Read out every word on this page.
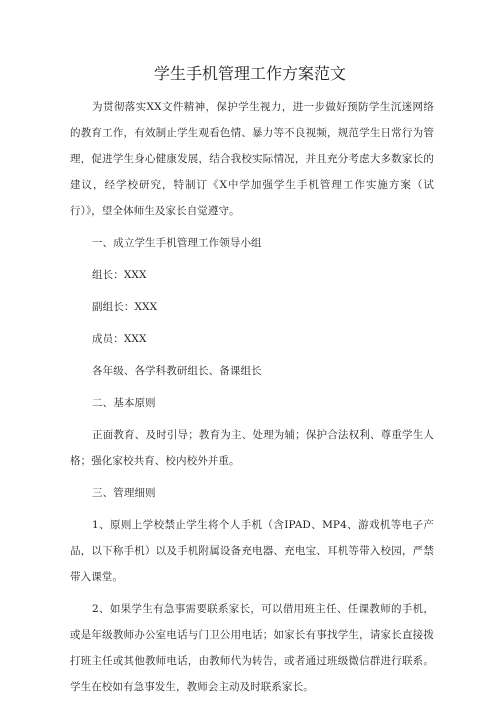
学生手机管理工作方案范文

为贯彻落实XX文件精神，保护学生视力，进一步做好预防学生沉迷网络的教育工作，有效制止学生观看色情、暴力等不良视频，规范学生日常行为管理，促进学生身心健康发展，结合我校实际情况，并且充分考虑大多数家长的建议，经学校研究，特制订《X中学加强学生手机管理工作实施方案（试行）》，望全体师生及家长自觉遵守。

一、成立学生手机管理工作领导小组

组长：XXX

副组长：XXX

成员：XXX

各年级、各学科教研组长、备课组长

二、基本原则

正面教育、及时引导；教育为主、处理为辅；保护合法权利、尊重学生人格；强化家校共育、校内校外并重。

三、管理细则

1、原则上学校禁止学生将个人手机（含IPAD、MP4、游戏机等电子产品，以下称手机）以及手机附属设备充电器、充电宝、耳机等带入校园，严禁带入课堂。

2、如果学生有急事需要联系家长，可以借用班主任、任课教师的手机，或是年级教师办公室电话与门卫公用电话；如家长有事找学生，请家长直接拨打班主任或其他教师电话，由教师代为转告，或者通过班级微信群进行联系。学生在校如有急事发生，教师会主动及时联系家长。
